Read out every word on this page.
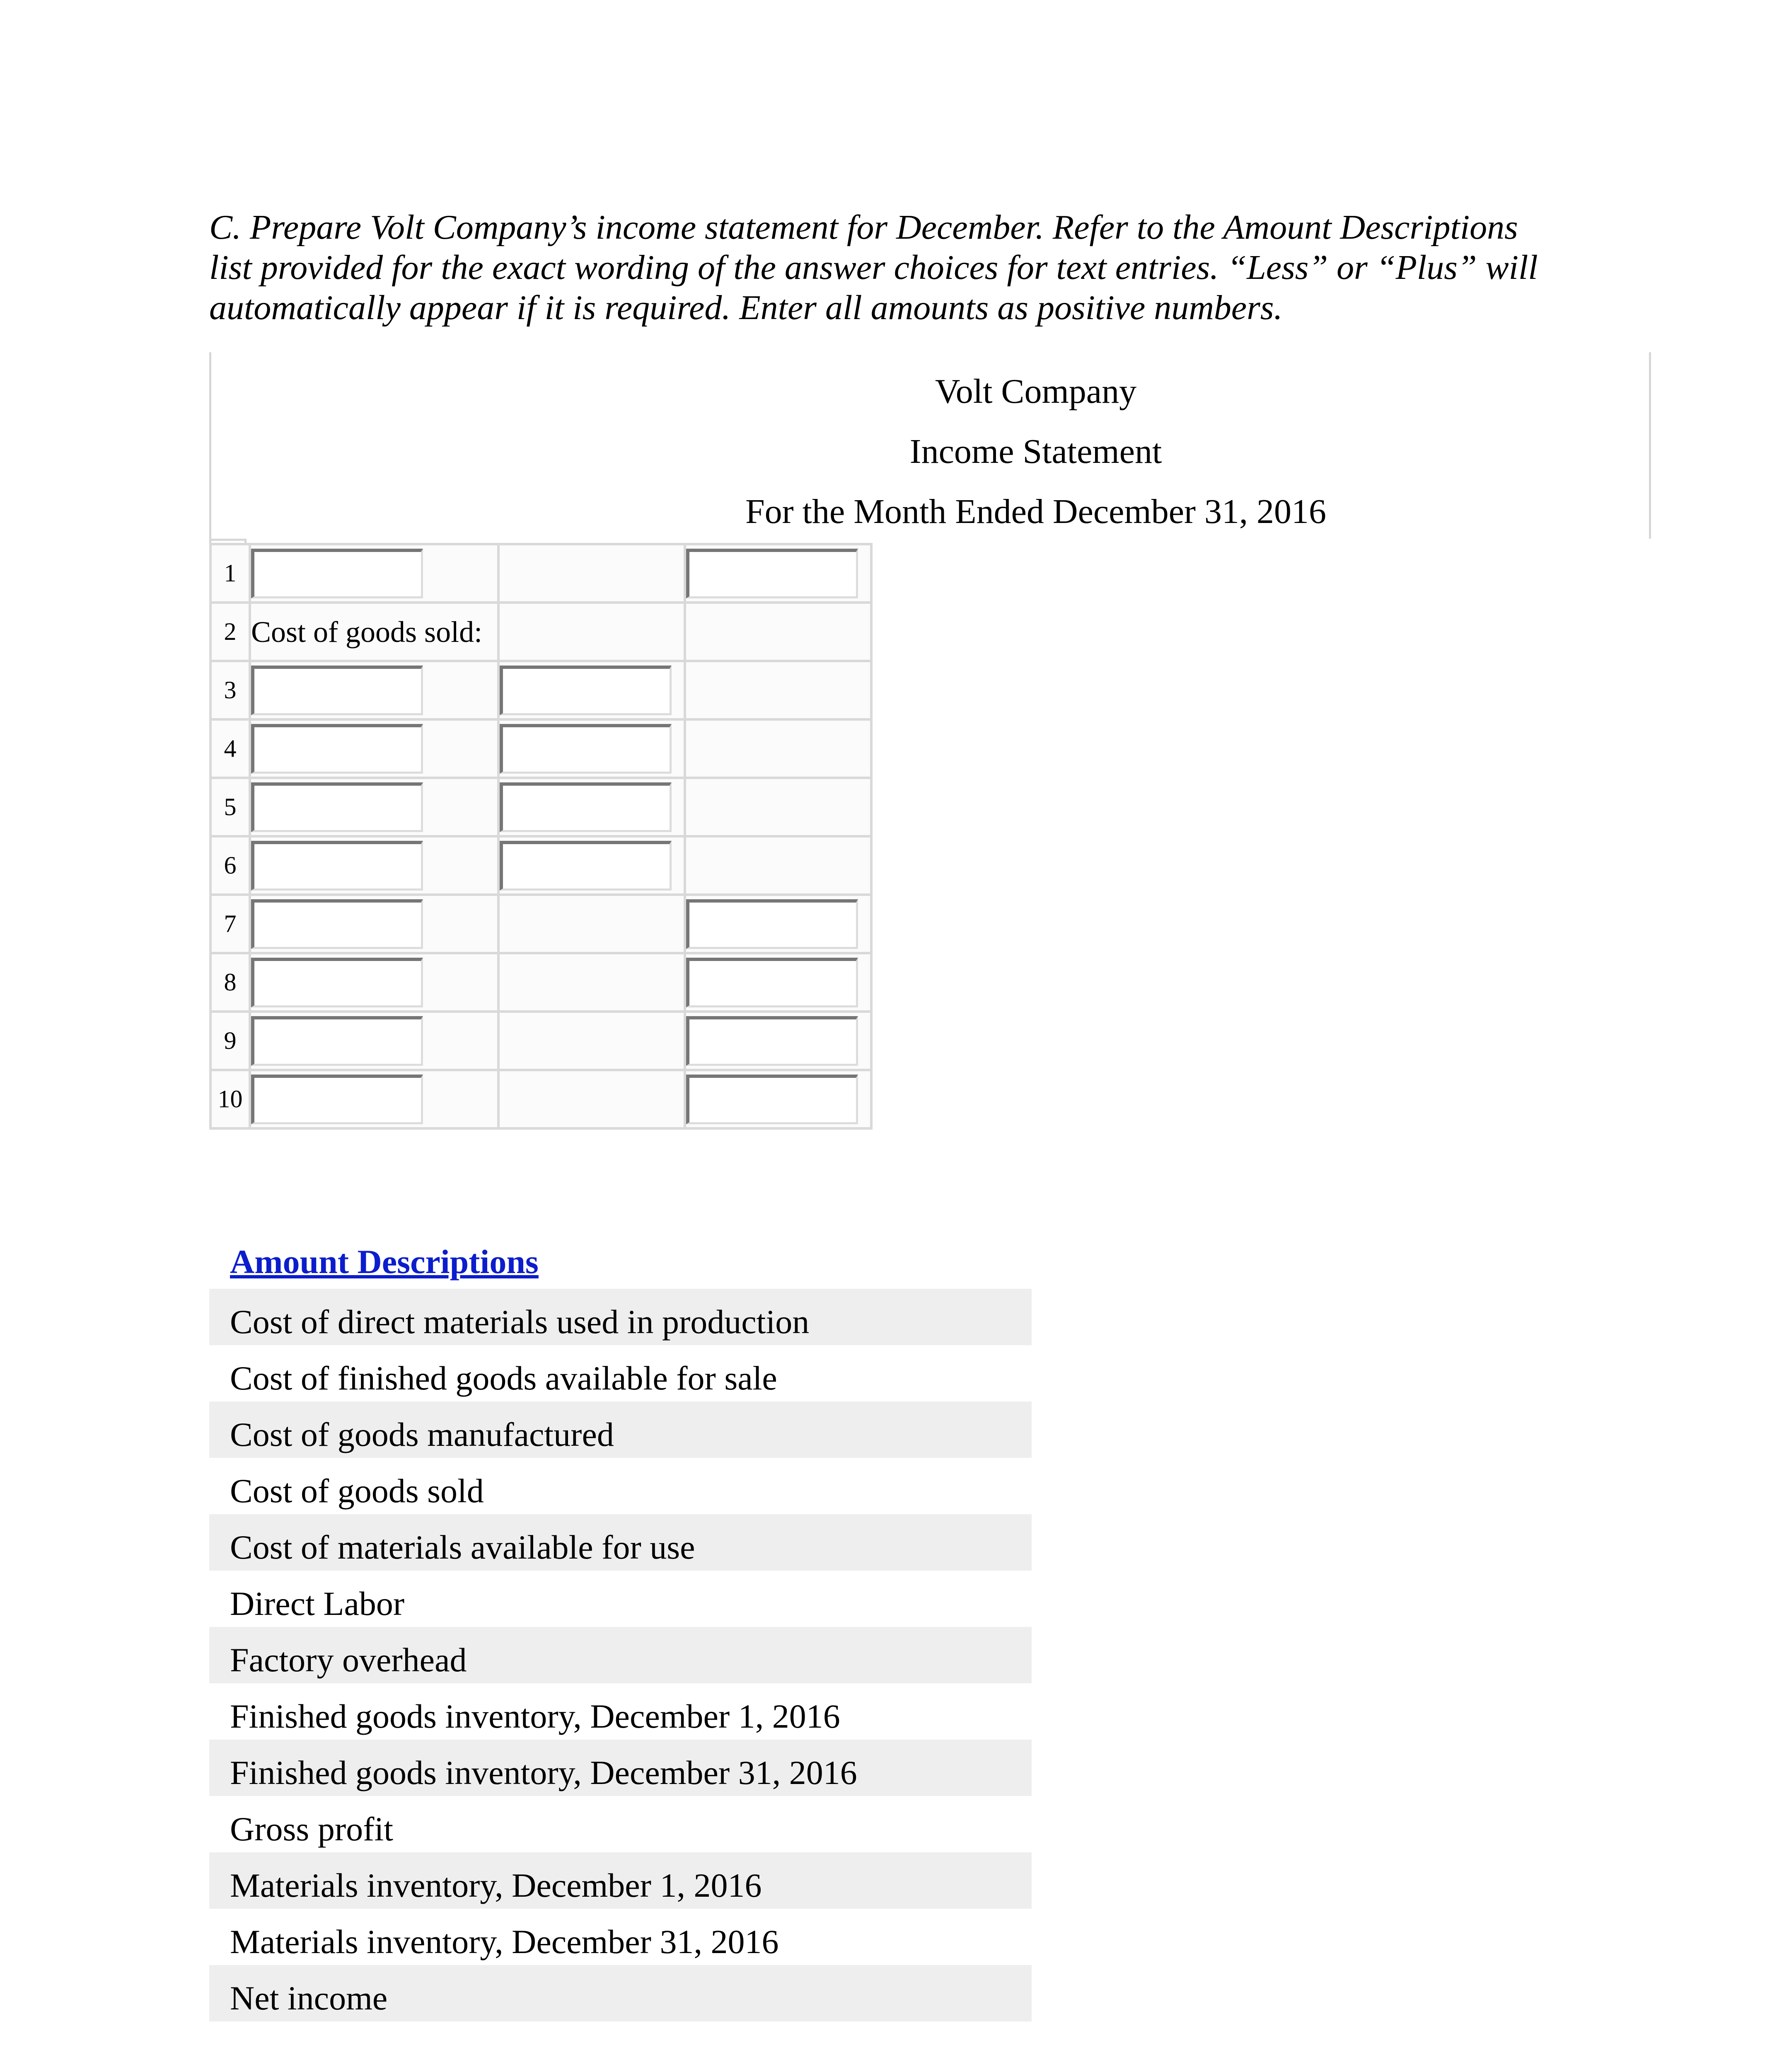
C. Prepare Volt Company’s income statement for December. Refer to the Amount Descriptions
list provided for the exact wording of the answer choices for text entries. “Less” or “Plus” will
automatically appear if it is required. Enter all amounts as positive numbers.

Volt Company
Income Statement
For the Month Ended December 31, 2016
1	

2	Cost of goods sold:		
3	

4	

5	

6	

7	

8	

9	

10	

Amount Descriptions
Cost of direct materials used in production
Cost of finished goods available for sale
Cost of goods manufactured
Cost of goods sold
Cost of materials available for use
Direct Labor
Factory overhead
Finished goods inventory, December 1, 2016
Finished goods inventory, December 31, 2016
Gross profit
Materials inventory, December 1, 2016
Materials inventory, December 31, 2016
Net income
